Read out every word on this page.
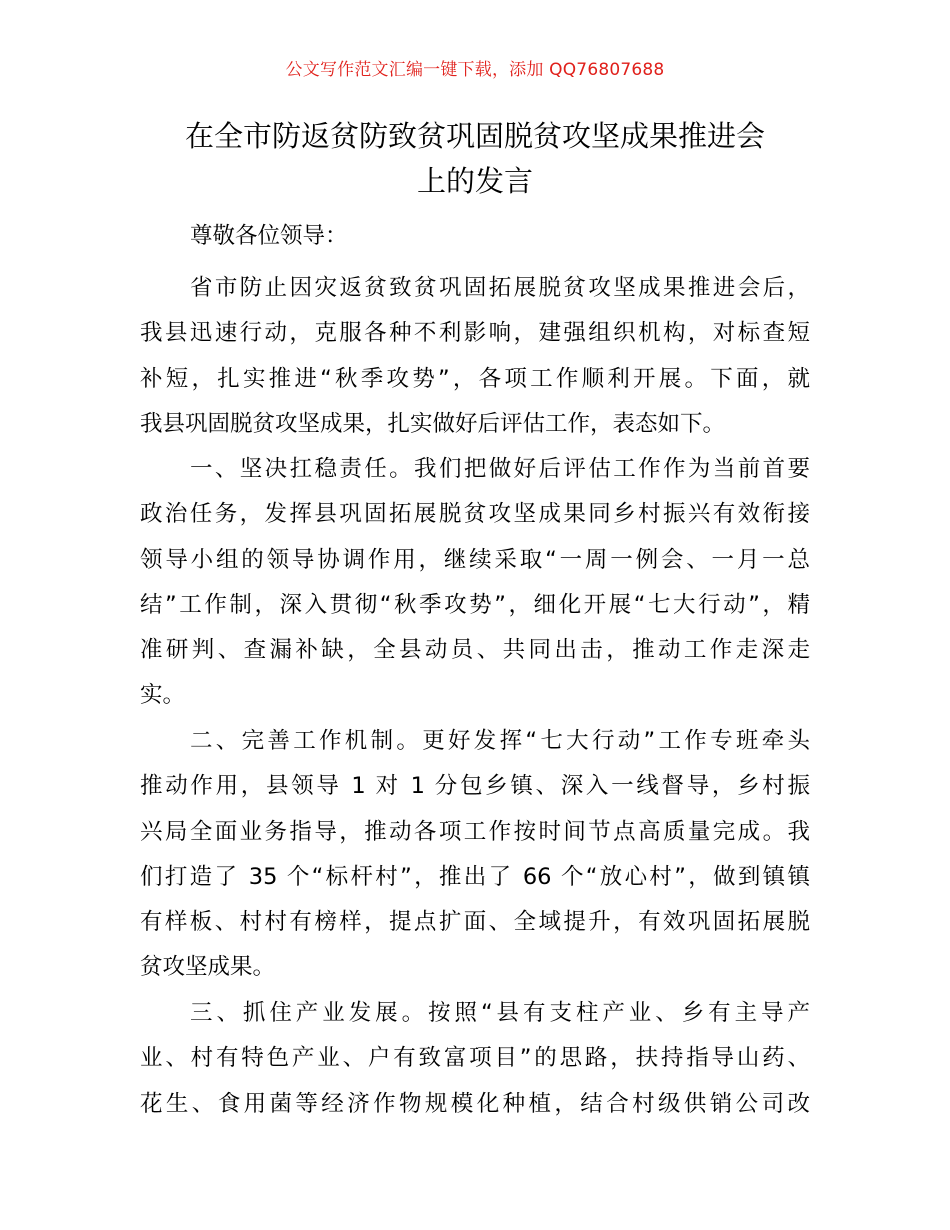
公文写作范文汇编一键下载，添加 QQ76807688
在全市防返贫防致贫巩固脱贫攻坚成果推进会
上的发言
尊敬各位领导：
省市防止因灾返贫致贫巩固拓展脱贫攻坚成果推进会后，
我县迅速行动，克服各种不利影响，建强组织机构，对标查短
补短，扎实推进“秋季攻势”，各项工作顺利开展。下面，就
我县巩固脱贫攻坚成果，扎实做好后评估工作，表态如下。
一、坚决扛稳责任。我们把做好后评估工作作为当前首要
政治任务，发挥县巩固拓展脱贫攻坚成果同乡村振兴有效衔接
领导小组的领导协调作用，继续采取“一周一例会、一月一总
结”工作制，深入贯彻“秋季攻势”，细化开展“七大行动”，精
准研判、查漏补缺，全县动员、共同出击，推动工作走深走
实。
二、完善工作机制。更好发挥“七大行动”工作专班牵头
推动作用，县领导 1 对 1 分包乡镇、深入一线督导，乡村振
兴局全面业务指导，推动各项工作按时间节点高质量完成。我
们打造了 35 个“标杆村”，推出了 66 个“放心村”，做到镇镇
有样板、村村有榜样，提点扩面、全域提升，有效巩固拓展脱
贫攻坚成果。
三、抓住产业发展。按照“县有支柱产业、乡有主导产
业、村有特色产业、户有致富项目”的思路，扶持指导山药、
花生、食用菌等经济作物规模化种植，结合村级供销公司改
